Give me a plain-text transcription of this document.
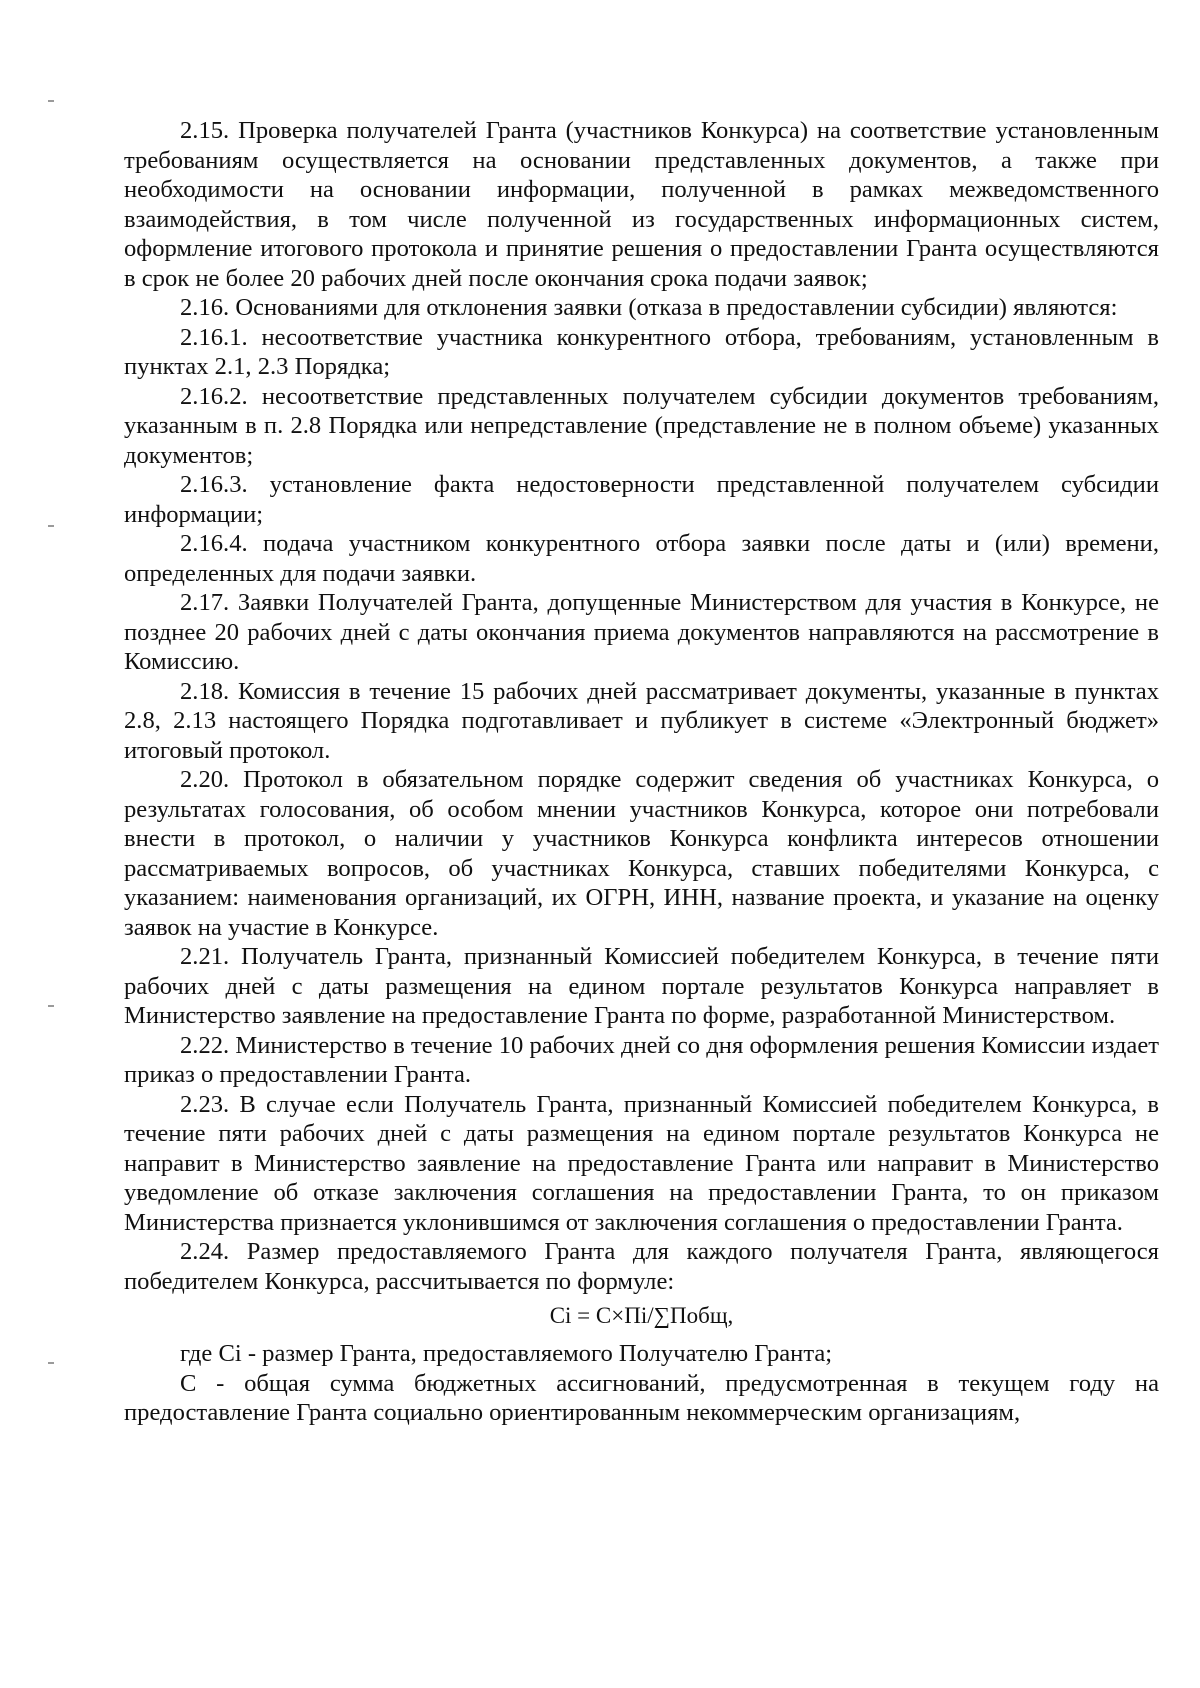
2.15. Проверка получателей Гранта (участников Конкурса) на соответствие установленным требованиям осуществляется на основании представленных документов, а также при необходимости на основании информации, полученной в рамках межведомственного взаимодействия, в том числе полученной из государственных информационных систем, оформление итогового протокола и принятие решения о предоставлении Гранта осуществляются в срок не более 20 рабочих дней после окончания срока подачи заявок;

2.16. Основаниями для отклонения заявки (отказа в предоставлении субсидии) являются:

2.16.1. несоответствие участника конкурентного отбора, требованиям, установленным в пунктах 2.1, 2.3 Порядка;

2.16.2. несоответствие представленных получателем субсидии документов требованиям, указанным в п. 2.8 Порядка или непредставление (представление не в полном объеме) указанных документов;

2.16.3. установление факта недостоверности представленной получателем субсидии информации;

2.16.4. подача участником конкурентного отбора заявки после даты и (или) времени, определенных для подачи заявки.

2.17. Заявки Получателей Гранта, допущенные Министерством для участия в Конкурсе, не позднее 20 рабочих дней с даты окончания приема документов направляются на рассмотрение в Комиссию.

2.18. Комиссия в течение 15 рабочих дней рассматривает документы, указанные в пунктах 2.8, 2.13 настоящего Порядка подготавливает и публикует в системе «Электронный бюджет» итоговый протокол.

2.20. Протокол в обязательном порядке содержит сведения об участниках Конкурса, о результатах голосования, об особом мнении участников Конкурса, которое они потребовали внести в протокол, о наличии у участников Конкурса конфликта интересов отношении рассматриваемых вопросов, об участниках Конкурса, ставших победителями Конкурса, с указанием: наименования организаций, их ОГРН, ИНН, название проекта, и указание на оценку заявок на участие в Конкурсе.

2.21. Получатель Гранта, признанный Комиссией победителем Конкурса, в течение пяти рабочих дней с даты размещения на едином портале результатов Конкурса направляет в Министерство заявление на предоставление Гранта по форме, разработанной Министерством.

2.22. Министерство в течение 10 рабочих дней со дня оформления решения Комиссии издает приказ о предоставлении Гранта.

2.23. В случае если Получатель Гранта, признанный Комиссией победителем Конкурса, в течение пяти рабочих дней с даты размещения на едином портале результатов Конкурса не направит в Министерство заявление на предоставление Гранта или направит в Министерство уведомление об отказе заключения соглашения на предоставлении Гранта, то он приказом Министерства признается уклонившимся от заключения соглашения о предоставлении Гранта.

2.24. Размер предоставляемого Гранта для каждого получателя Гранта, являющегося победителем Конкурса, рассчитывается по формуле:

Ci = C×Пi/∑Побщ,

где Ci - размер Гранта, предоставляемого Получателю Гранта;

С - общая сумма бюджетных ассигнований, предусмотренная в текущем году на предоставление Гранта социально ориентированным некоммерческим организациям,
